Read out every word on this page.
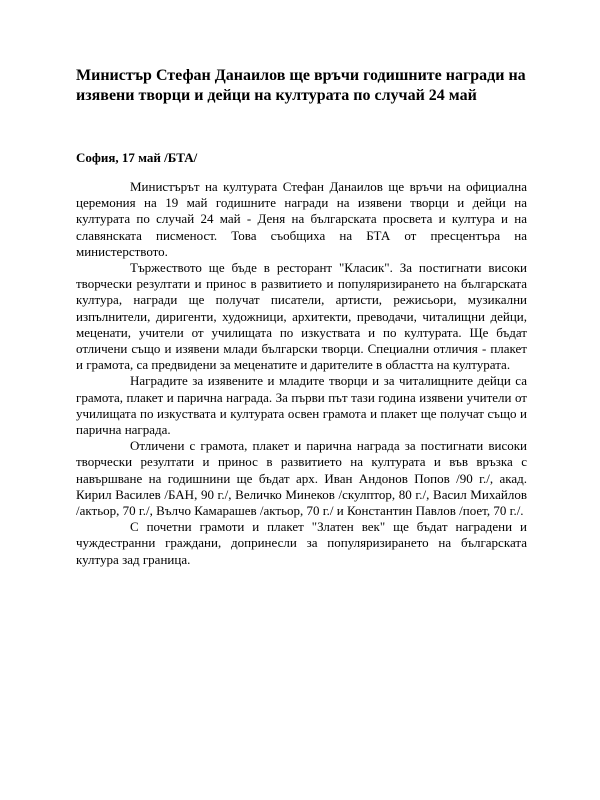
Министър Стефан Данаилов ще връчи годишните награди на изявени творци и дейци на културата по случай 24 май

София, 17 май /БТА/

Министърът на културата Стефан Данаилов ще връчи на официална церемония на 19 май годишните награди на изявени творци и дейци на културата по случай 24 май - Деня на българската просвета и култура и на славянската писменост. Това съобщиха на БТА от пресцентъра на министерството.

Тържеството ще бъде в ресторант "Класик". За постигнати високи творчески резултати и принос в развитието и популяризирането на българската култура, награди ще получат писатели, артисти, режисьори, музикални изпълнители, диригенти, художници, архитекти, преводачи, читалищни дейци, меценати, учители от училищата по изкуствата и по културата. Ще бъдат отличени също и изявени млади български творци. Специални отличия - плакет и грамота, са предвидени за меценатите и дарителите в областта на културата.

Наградите за изявените и младите творци и за читалищните дейци са грамота, плакет и парична награда. За първи път тази година изявени учители от училищата по изкуствата и културата освен грамота и плакет ще получат също и парична награда.

Отличени с грамота, плакет и парична награда за постигнати високи творчески резултати и принос в развитието на културата и във връзка с навършване на годишнини ще бъдат арх. Иван Андонов Попов /90 г./, акад. Кирил Василев /БАН, 90 г./, Величко Минеков /скулптор, 80 г./, Васил Михайлов /актьор, 70 г./, Вълчо Камарашев /актьор, 70 г./ и Константин Павлов /поет, 70 г./.

С почетни грамоти и плакет "Златен век" ще бъдат наградени и чуждестранни граждани, допринесли за популяризирането на българската култура зад граница.
